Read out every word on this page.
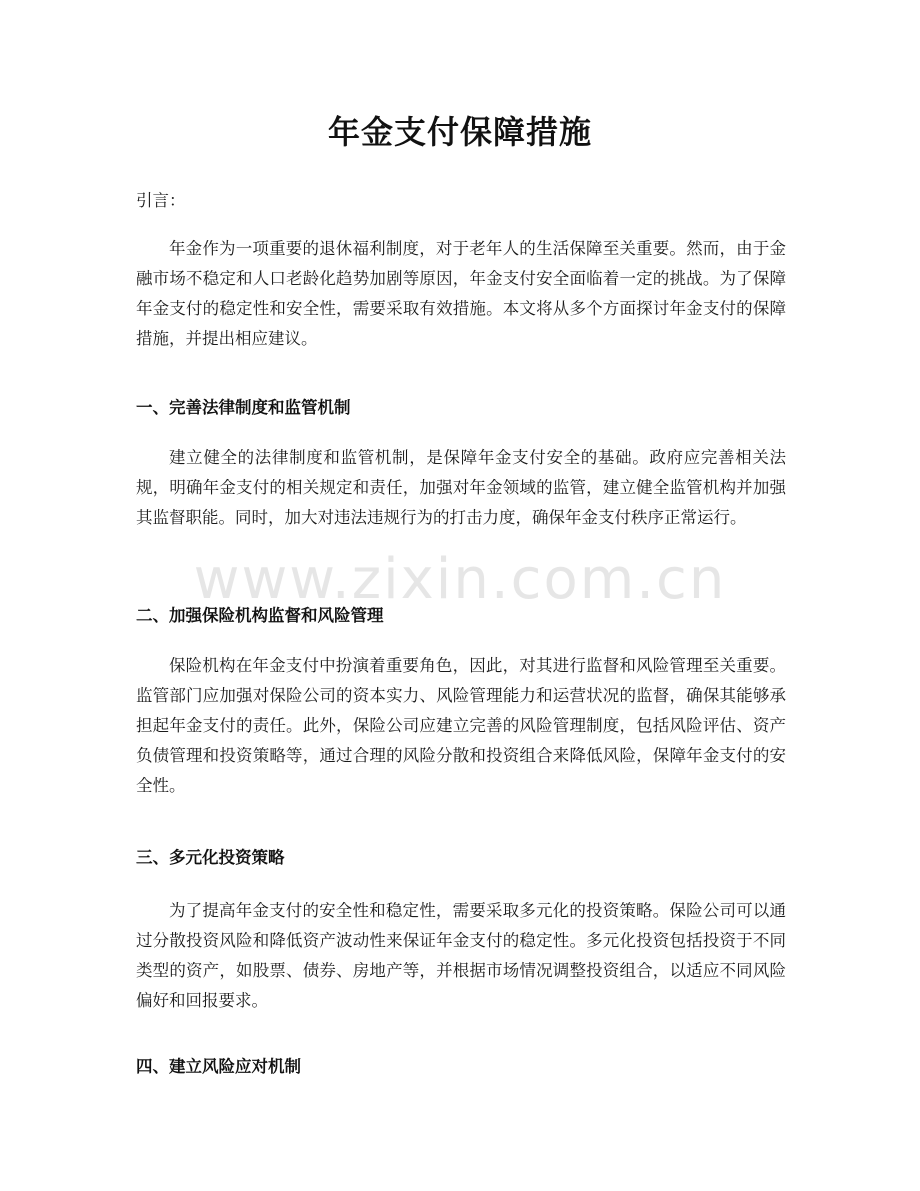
年金支付保障措施

引言：

年金作为一项重要的退休福利制度，对于老年人的生活保障至关重要。然而，由于金融市场不稳定和人口老龄化趋势加剧等原因，年金支付安全面临着一定的挑战。为了保障年金支付的稳定性和安全性，需要采取有效措施。本文将从多个方面探讨年金支付的保障措施，并提出相应建议。

一、完善法律制度和监管机制

建立健全的法律制度和监管机制，是保障年金支付安全的基础。政府应完善相关法规，明确年金支付的相关规定和责任，加强对年金领域的监管，建立健全监管机构并加强其监督职能。同时，加大对违法违规行为的打击力度，确保年金支付秩序正常运行。

二、加强保险机构监督和风险管理

保险机构在年金支付中扮演着重要角色，因此，对其进行监督和风险管理至关重要。监管部门应加强对保险公司的资本实力、风险管理能力和运营状况的监督，确保其能够承担起年金支付的责任。此外，保险公司应建立完善的风险管理制度，包括风险评估、资产负债管理和投资策略等，通过合理的风险分散和投资组合来降低风险，保障年金支付的安全性。

三、多元化投资策略

为了提高年金支付的安全性和稳定性，需要采取多元化的投资策略。保险公司可以通过分散投资风险和降低资产波动性来保证年金支付的稳定性。多元化投资包括投资于不同类型的资产，如股票、债券、房地产等，并根据市场情况调整投资组合，以适应不同风险偏好和回报要求。

四、建立风险应对机制
www.zixin.com.cn
